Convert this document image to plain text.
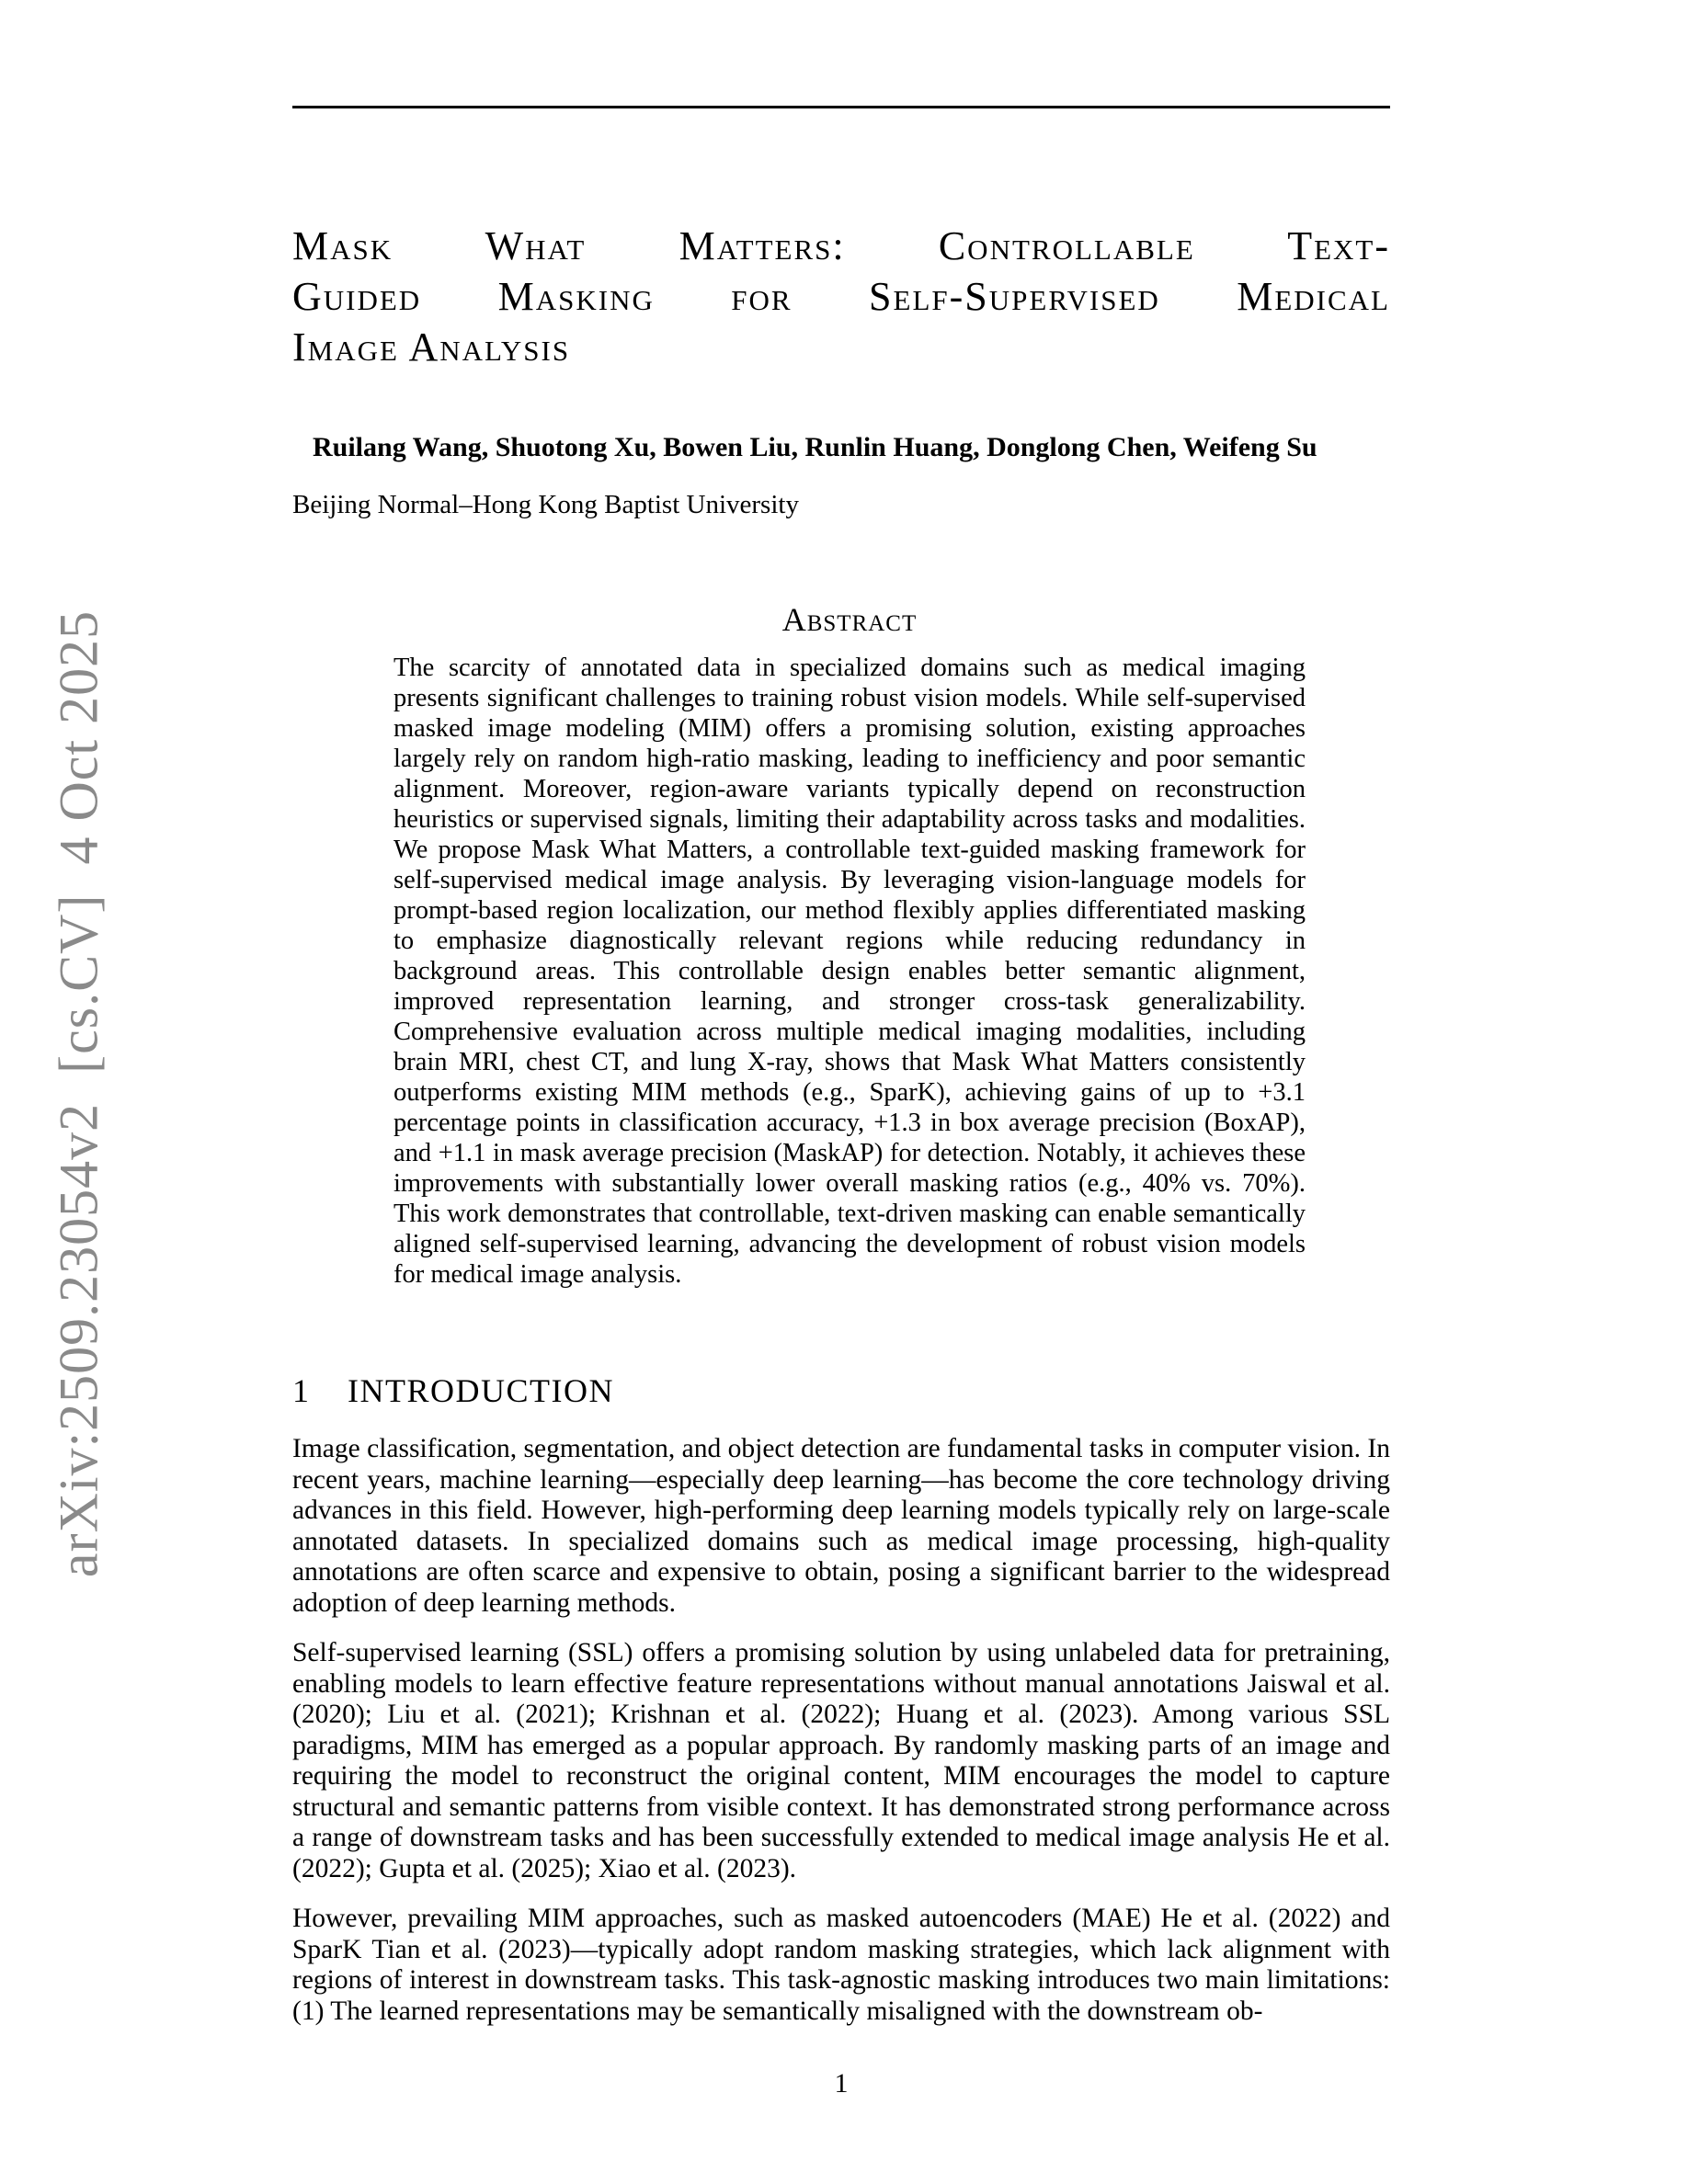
arXiv:2509.23054v2  [cs.CV]  4 Oct 2025
Mask What Matters: Controllable Text-
Guided Masking for Self-Supervised Medical
Image Analysis
Ruilang Wang, Shuotong Xu, Bowen Liu, Runlin Huang, Donglong Chen, Weifeng Su
Beijing Normal–Hong Kong Baptist University
Abstract
The scarcity of annotated data in specialized domains such as medical imaging presents significant challenges to training robust vision models. While self-supervised masked image modeling (MIM) offers a promising solution, existing approaches largely rely on random high-ratio masking, leading to inefficiency and poor semantic alignment. Moreover, region-aware variants typically depend on reconstruction heuristics or supervised signals, limiting their adaptability across tasks and modalities. We propose Mask What Matters, a controllable text-guided masking framework for self-supervised medical image analysis. By leveraging vision-language models for prompt-based region localization, our method flexibly applies differentiated masking to emphasize diagnostically relevant regions while reducing redundancy in background areas. This controllable design enables better semantic alignment, improved representation learning, and stronger cross-task generalizability. Comprehensive evaluation across multiple medical imaging modalities, including brain MRI, chest CT, and lung X-ray, shows that Mask What Matters consistently outperforms existing MIM methods (e.g., SparK), achieving gains of up to +3.1 percentage points in classification accuracy, +1.3 in box average precision (BoxAP), and +1.1 in mask average precision (MaskAP) for detection. Notably, it achieves these improvements with substantially lower overall masking ratios (e.g., 40% vs. 70%). This work demonstrates that controllable, text-driven masking can enable semantically aligned self-supervised learning, advancing the development of robust vision models for medical image analysis.
1 INTRODUCTION

Image classification, segmentation, and object detection are fundamental tasks in computer vision. In recent years, machine learning—especially deep learning—has become the core technology driving advances in this field. However, high-performing deep learning models typically rely on large-scale annotated datasets. In specialized domains such as medical image processing, high-quality annotations are often scarce and expensive to obtain, posing a significant barrier to the widespread adoption of deep learning methods.

Self-supervised learning (SSL) offers a promising solution by using unlabeled data for pretraining, enabling models to learn effective feature representations without manual annotations Jaiswal et al. (2020); Liu et al. (2021); Krishnan et al. (2022); Huang et al. (2023). Among various SSL paradigms, MIM has emerged as a popular approach. By randomly masking parts of an image and requiring the model to reconstruct the original content, MIM encourages the model to capture structural and semantic patterns from visible context. It has demonstrated strong performance across a range of downstream tasks and has been successfully extended to medical image analysis He et al. (2022); Gupta et al. (2025); Xiao et al. (2023).

However, prevailing MIM approaches, such as masked autoencoders (MAE) He et al. (2022) and SparK Tian et al. (2023)—typically adopt random masking strategies, which lack alignment with regions of interest in downstream tasks. This task-agnostic masking introduces two main limitations: (1) The learned representations may be semantically misaligned with the downstream ob-

1
